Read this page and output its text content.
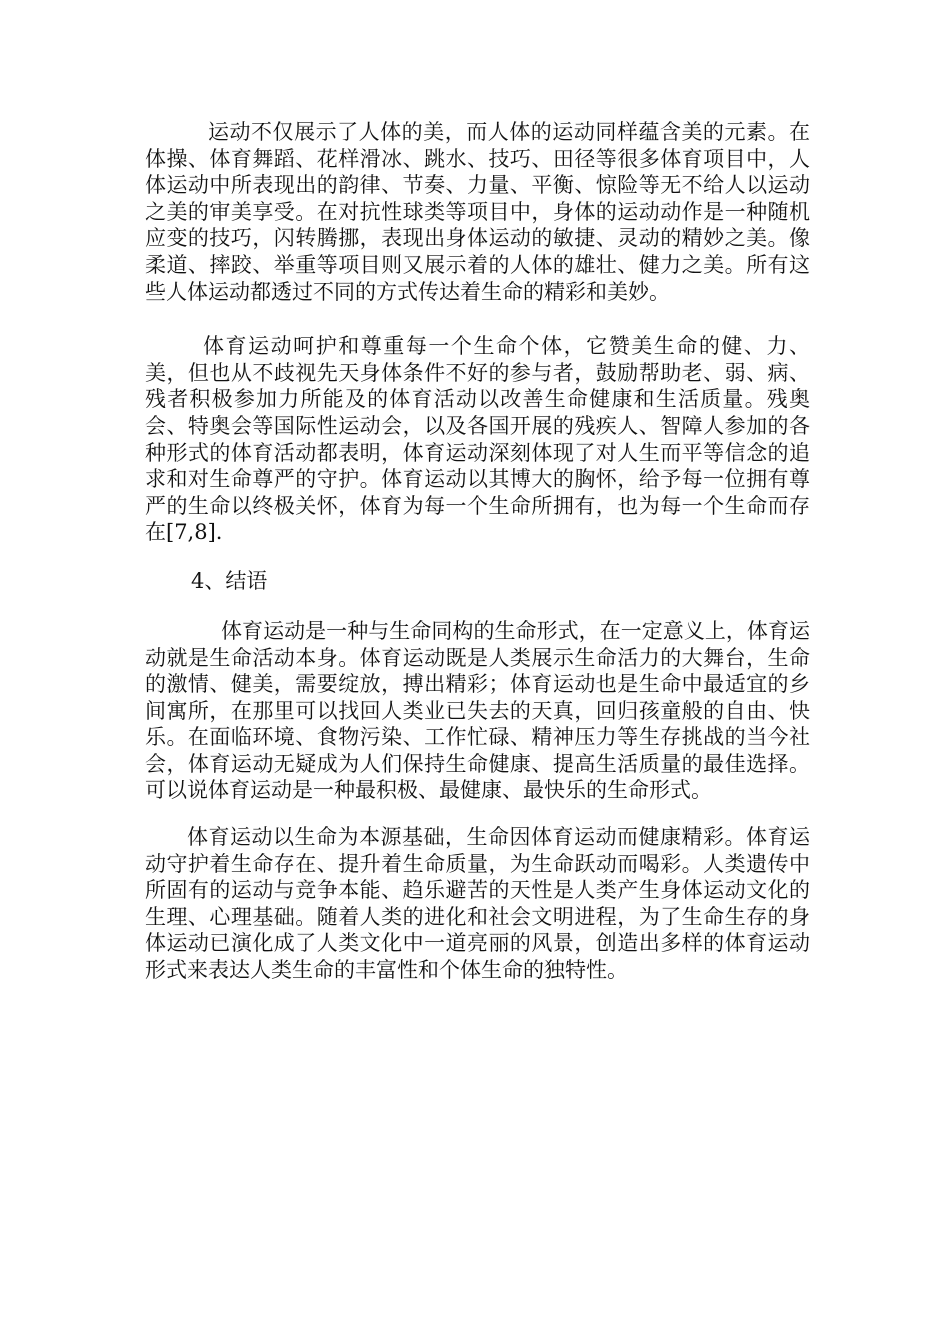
运动不仅展示了人体的美，而人体的运动同样蕴含美的元素。在体操、体育舞蹈、花样滑冰、跳水、技巧、田径等很多体育项目中，人体运动中所表现出的韵律、节奏、力量、平衡、惊险等无不给人以运动之美的审美享受。在对抗性球类等项目中，身体的运动动作是一种随机应变的技巧，闪转腾挪，表现出身体运动的敏捷、灵动的精妙之美。像柔道、摔跤、举重等项目则又展示着的人体的雄壮、健力之美。所有这些人体运动都透过不同的方式传达着生命的精彩和美妙。

体育运动呵护和尊重每一个生命个体，它赞美生命的健、力、美，但也从不歧视先天身体条件不好的参与者，鼓励帮助老、弱、病、残者积极参加力所能及的体育活动以改善生命健康和生活质量。残奥会、特奥会等国际性运动会，以及各国开展的残疾人、智障人参加的各种形式的体育活动都表明，体育运动深刻体现了对人生而平等信念的追求和对生命尊严的守护。体育运动以其博大的胸怀，给予每一位拥有尊严的生命以终极关怀，体育为每一个生命所拥有，也为每一个生命而存在[7,8].

4、结语

体育运动是一种与生命同构的生命形式，在一定意义上，体育运动就是生命活动本身。体育运动既是人类展示生命活力的大舞台，生命的激情、健美，需要绽放，搏出精彩；体育运动也是生命中最适宜的乡间寓所，在那里可以找回人类业已失去的天真，回归孩童般的自由、快乐。在面临环境、食物污染、工作忙碌、精神压力等生存挑战的当今社会，体育运动无疑成为人们保持生命健康、提高生活质量的最佳选择。可以说体育运动是一种最积极、最健康、最快乐的生命形式。

体育运动以生命为本源基础，生命因体育运动而健康精彩。体育运动守护着生命存在、提升着生命质量，为生命跃动而喝彩。人类遗传中所固有的运动与竞争本能、趋乐避苦的天性是人类产生身体运动文化的生理、心理基础。随着人类的进化和社会文明进程，为了生命生存的身体运动已演化成了人类文化中一道亮丽的风景，创造出多样的体育运动形式来表达人类生命的丰富性和个体生命的独特性。
